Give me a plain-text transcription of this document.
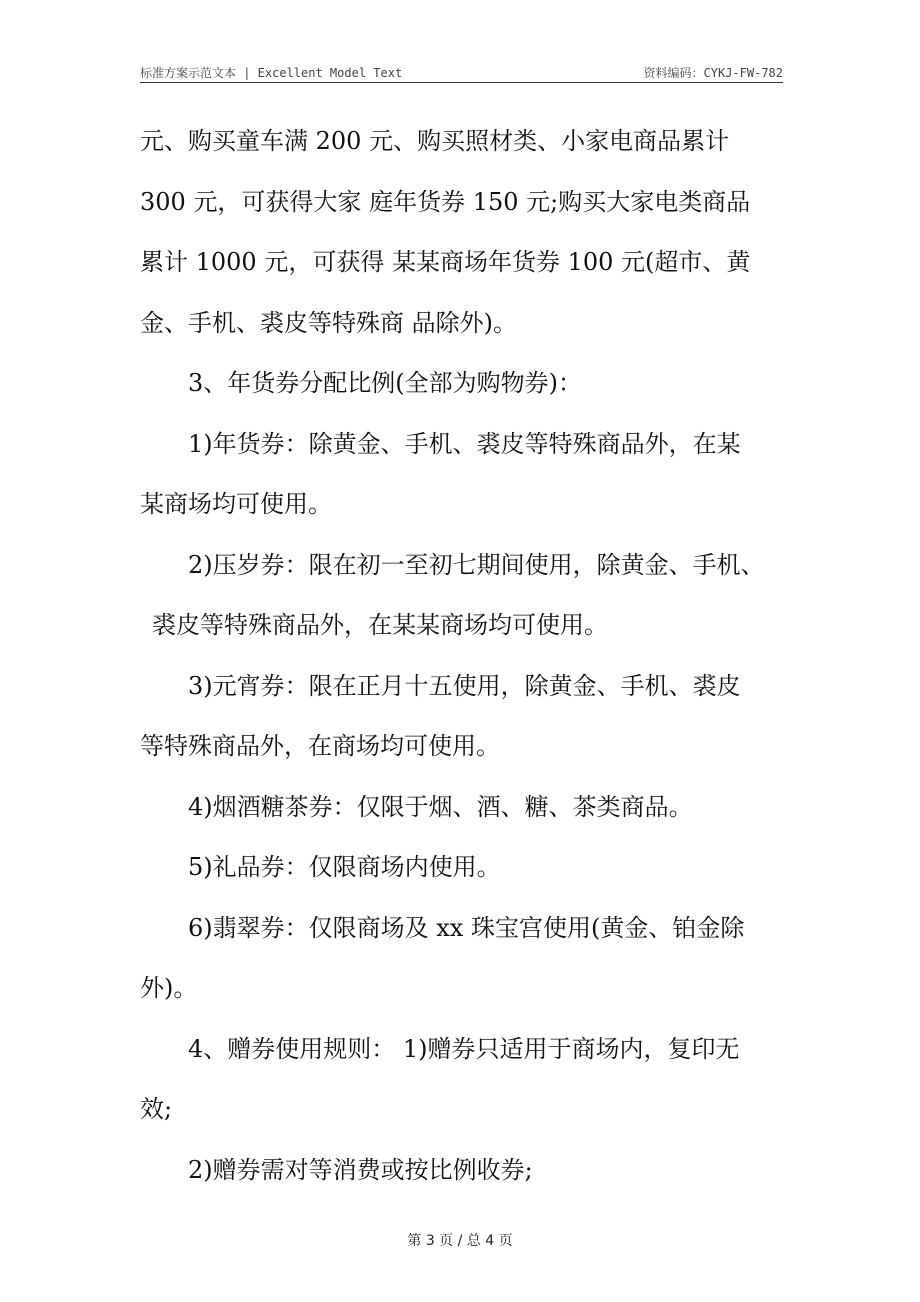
标准方案示范文本 | Excellent Model Text	资料编码：CYKJ-FW-782
元、购买童车满 200 元、购买照材类、小家电商品累计
300 元，可获得大家 庭年货券 150 元;购买大家电类商品
累计 1000 元，可获得 某某商场年货券 100 元(超市、黄
金、手机、裘皮等特殊商 品除外)。
3、年货券分配比例(全部为购物券)：
1)年货券：除黄金、手机、裘皮等特殊商品外，在某
某商场均可使用。
2)压岁券：限在初一至初七期间使用，除黄金、手机、
裘皮等特殊商品外，在某某商场均可使用。
3)元宵券：限在正月十五使用，除黄金、手机、裘皮
等特殊商品外，在商场均可使用。
4)烟酒糖茶券：仅限于烟、酒、糖、茶类商品。
5)礼品券：仅限商场内使用。
6)翡翠券：仅限商场及 xx 珠宝宫使用(黄金、铂金除
外)。
4、赠券使用规则： 1)赠券只适用于商场内，复印无
效;
2)赠券需对等消费或按比例收券;
第 3 页 / 总 4 页
